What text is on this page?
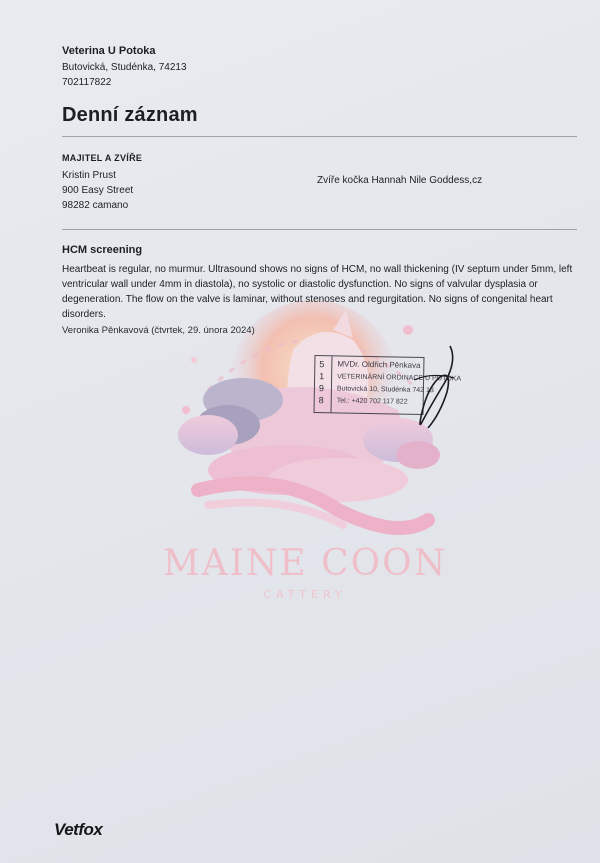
Veterina U Potoka
Butovická, Studénka, 74213
702117822
Denní záznam
MAJITEL A ZVÍŘE
Kristin Prust
900 Easy Street
98282 camano
Zvíře kočka Hannah Nile Goddess,cz
MAINE COON
CATTERY
HCM screening
Heartbeat is regular, no murmur. Ultrasound shows no signs of HCM, no wall thickening (IV septum under 5mm, left ventricular wall under 4mm in diastola), no systolic or diastolic dysfunction. No signs of valvular dysplasia or degeneration. The flow on the valve is laminar, without stenoses and regurgitation. No signs of congenital heart disorders.
Veronika Pěnkavová (čtvrtek, 29. února 2024)
5
1
9
8
MVDr. Oldřich Pěnkava
VETERINÁRNÍ ORDINACE U POTOKA
Butovická 10, Studénka 742 13
Tel.: +420 702 117 822
Vetfox
